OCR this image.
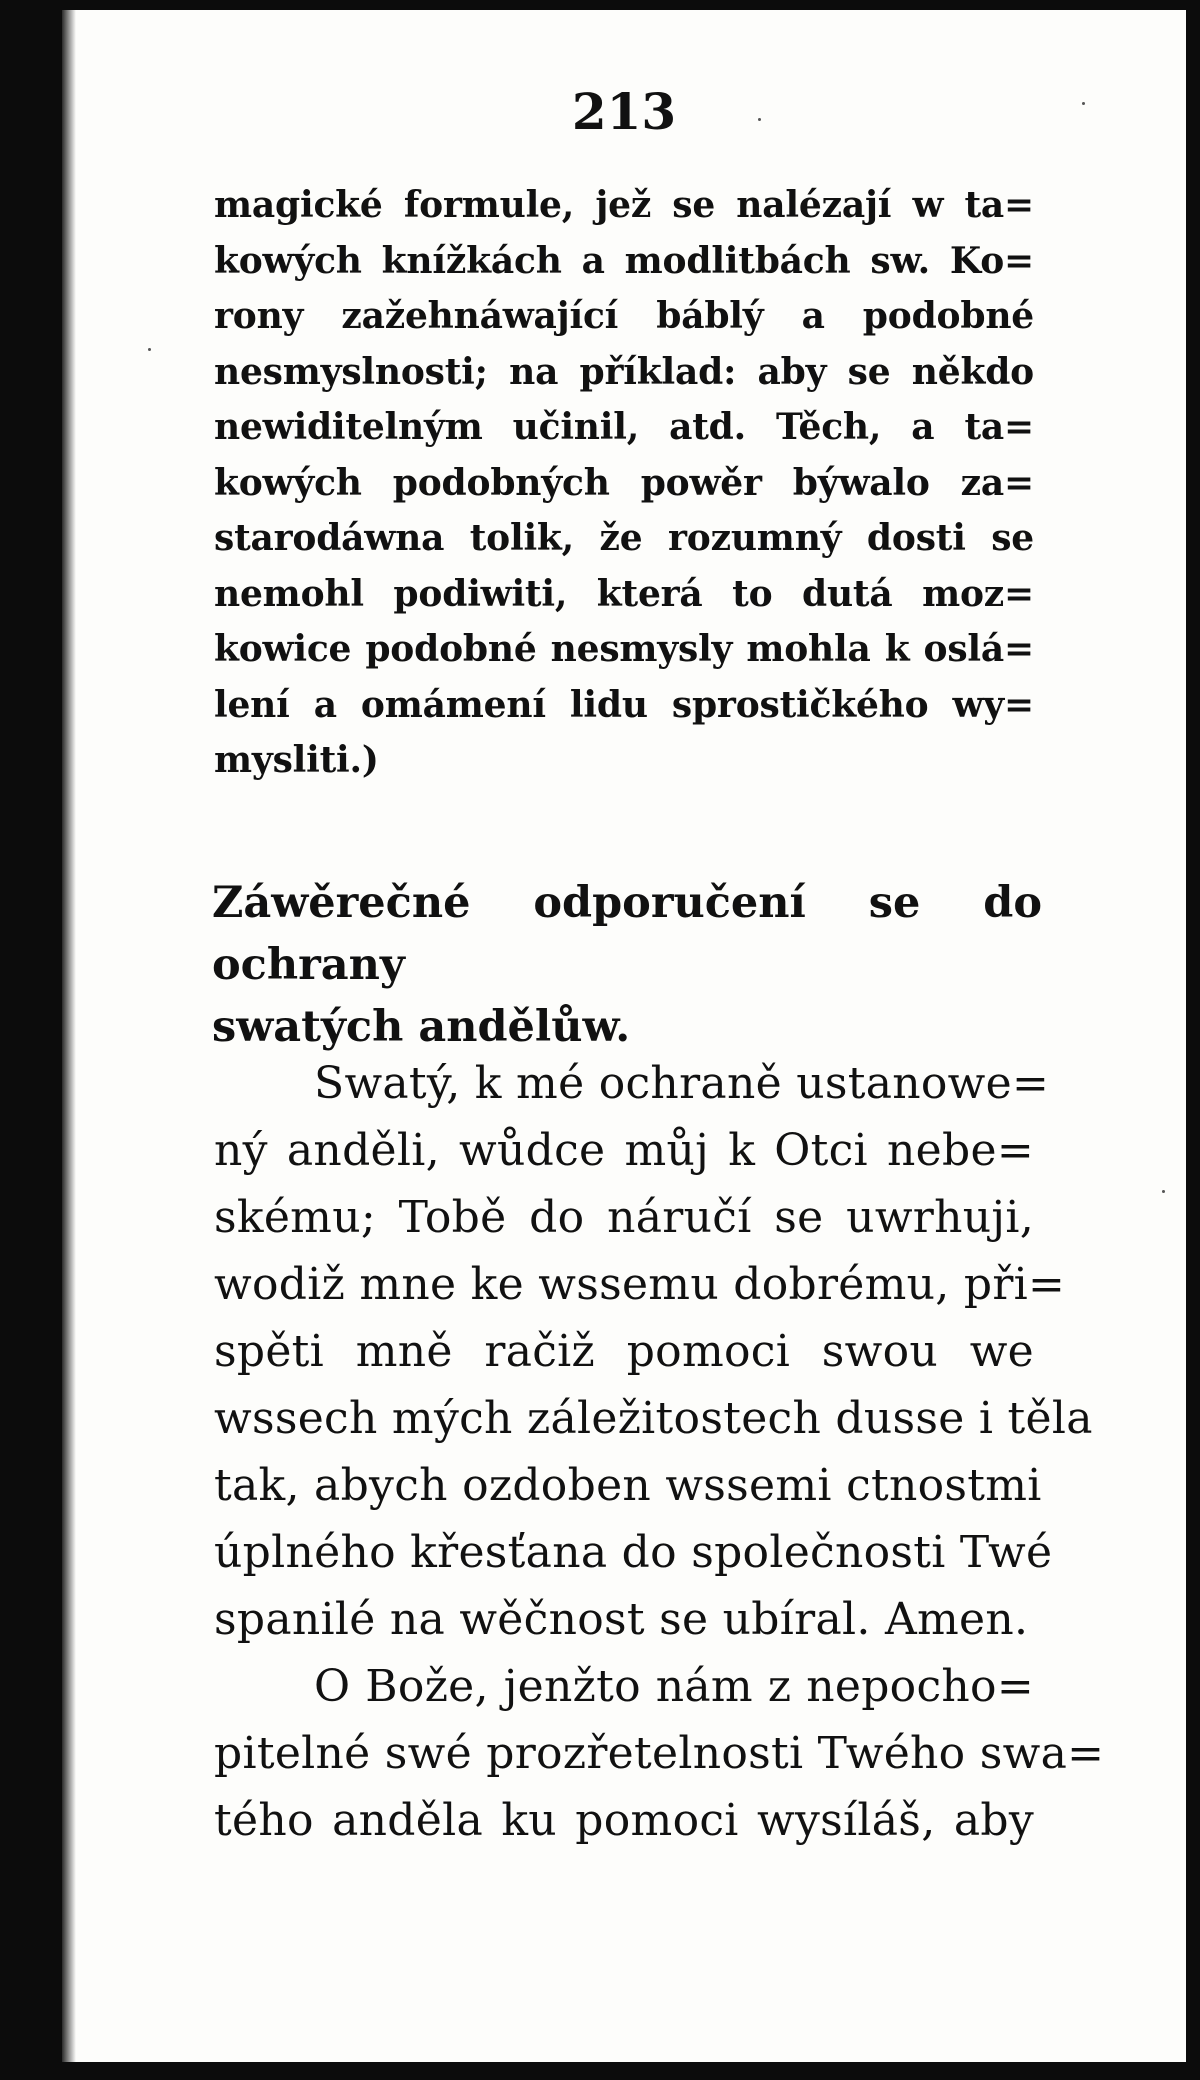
213
magické formule, jež se nalézají w ta=
kowých knížkách a modlitbách sw. Ko=
rony zažehnáwající báblý a podobné
nesmyslnosti; na příklad: aby se někdo
newiditelným učinil, atd. Těch, a ta=
kowých podobných powěr býwalo za=
starodáwna tolik, že rozumný dosti se
nemohl podiwiti, která to dutá moz=
kowice podobné nesmysly mohla k oslá=
lení a omámení lidu sprostičkého wy=
mysliti.)
Záwěrečné odporučení se do ochrany
swatých andělůw.
Swatý, k mé ochraně ustanowe=
ný anděli, wůdce můj k Otci nebe=
skému; Tobě do náručí se uwrhuji,
wodiž mne ke wssemu dobrému, při=
spěti mně račiž pomoci swou we
wssech mých záležitostech dusse i těla
tak, abych ozdoben wssemi ctnostmi
úplného křesťana do společnosti Twé
spanilé na wěčnost se ubíral. Amen.
O Bože, jenžto nám z nepocho=
pitelné swé prozřetelnosti Twého swa=
tého anděla ku pomoci wysíláš, aby
